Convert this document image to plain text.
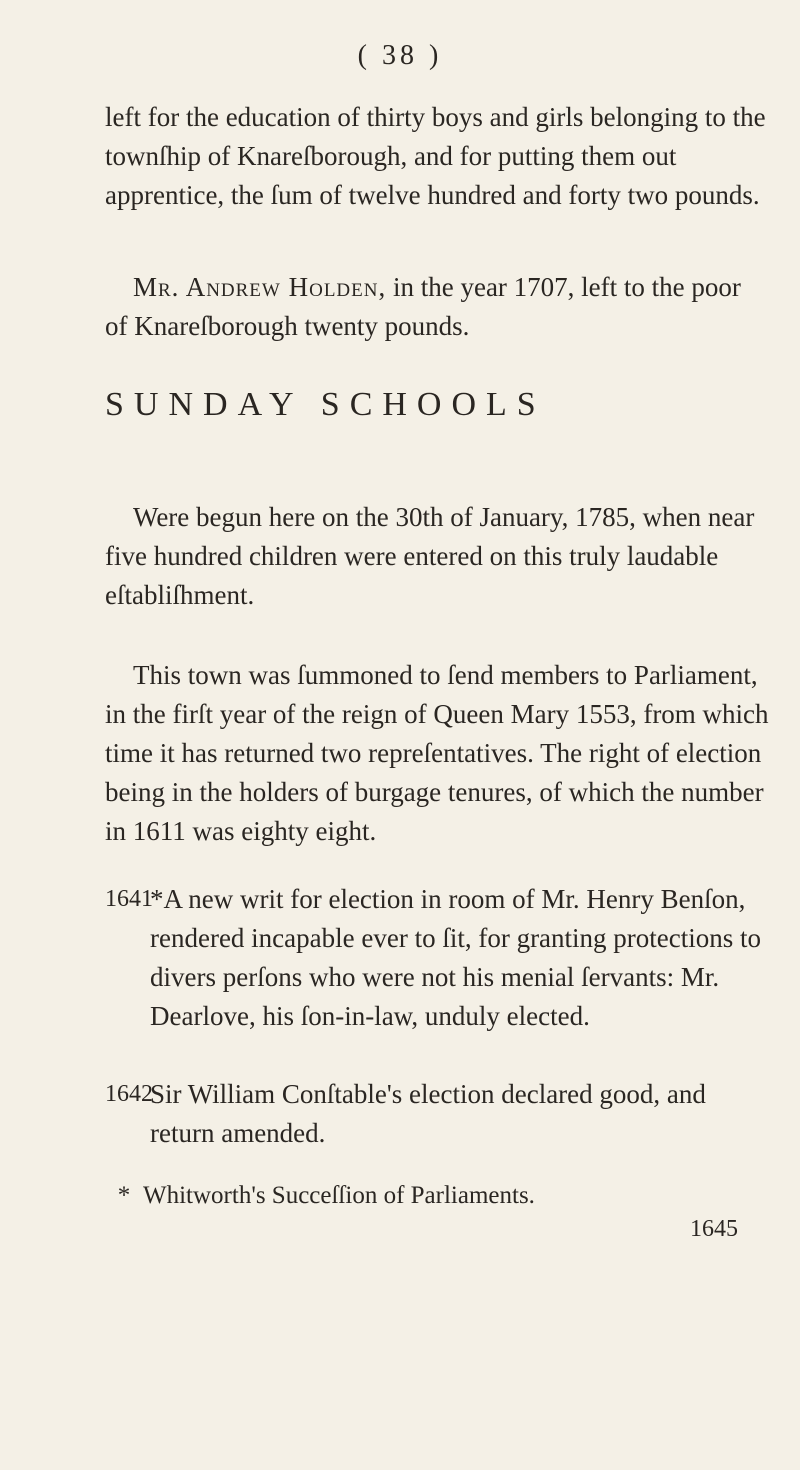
( 38 )

left for the education of thirty boys and girls belonging to the townſhip of Knareſborough, and for putting them out apprentice, the ſum of twelve hundred and forty two pounds.

Mr. Andrew Holden, in the year 1707, left to the poor of Knareſborough twenty pounds.

SUNDAY SCHOOLS

Were begun here on the 30th of January, 1785, when near five hundred children were entered on this truly laudable eſtabliſhment.

This town was ſummoned to ſend members to Parliament, in the firſt year of the reign of Queen Mary 1553, from which time it has returned two repreſentatives. The right of election being in the holders of burgage tenures, of which the number in 1611 was eighty eight.

1641
*A new writ for election in room of Mr. Henry Benſon, rendered incapable ever to ſit, for granting protections to divers perſons who were not his menial ſervants: Mr. Dearlove, his ſon-in-law, unduly elected.
1642
Sir William Conſtable's election declared good, and return amended.
* Whitworth's Succeſſion of Parliaments.
1645
